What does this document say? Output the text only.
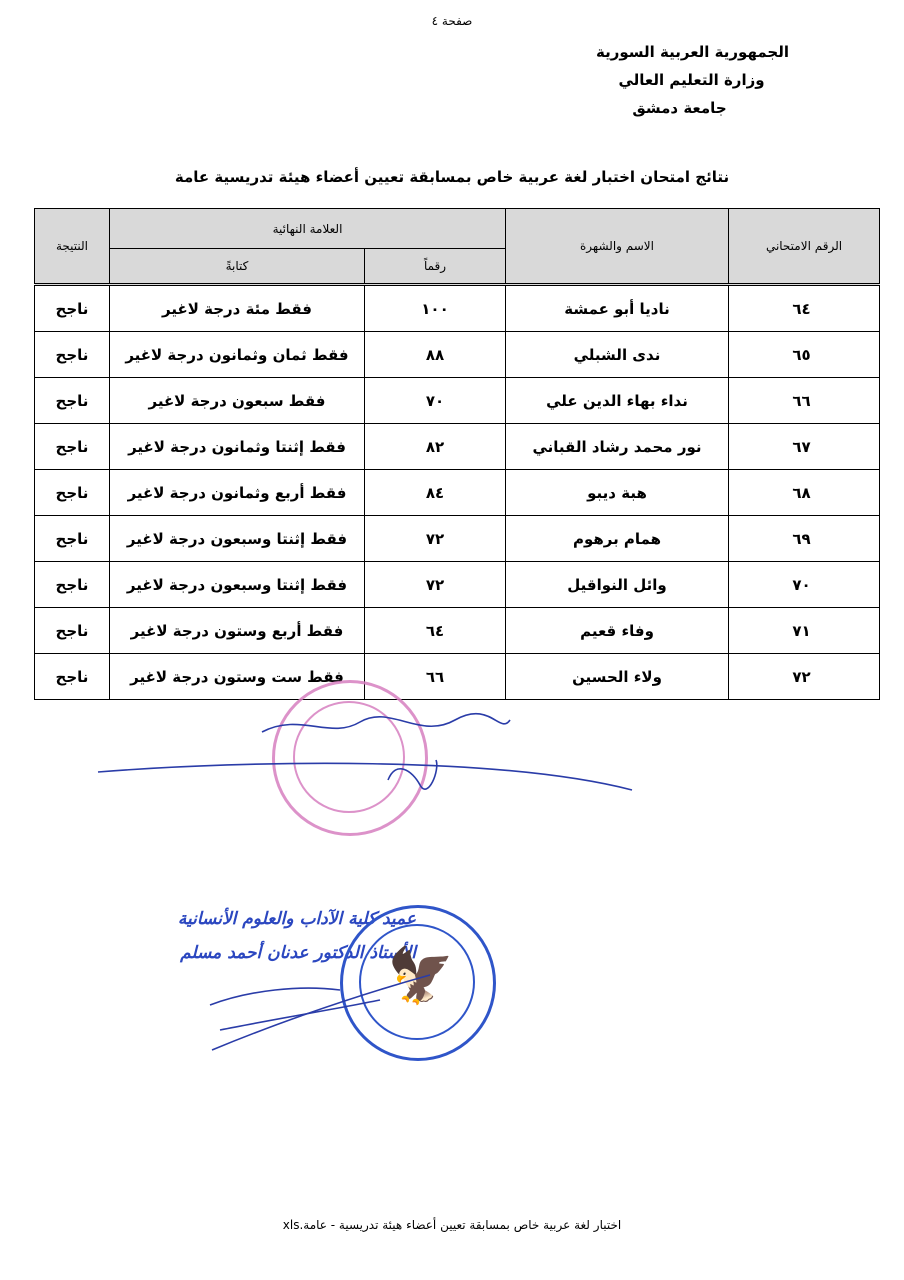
صفحة ٤
الجمهورية العربية السورية
وزارة التعليم العالي
جامعة دمشق
نتائج امتحان اختبار لغة عربية خاص بمسابقة تعيين أعضاء هيئة تدريسية عامة
الرقم الامتحاني	الاسم والشهرة	العلامة النهائية		النتيجة
		رقماً	كتابةً	
٦٤	ناديا أبو عمشة	١٠٠	فقط مئة درجة لاغير	ناجح
٦٥	ندى الشبلي	٨٨	فقط ثمان وثمانون درجة لاغير	ناجح
٦٦	نداء بهاء الدين علي	٧٠	فقط سبعون درجة لاغير	ناجح
٦٧	نور محمد رشاد القباني	٨٢	فقط إثنتا وثمانون درجة لاغير	ناجح
٦٨	هبة ديبو	٨٤	فقط أربع وثمانون درجة لاغير	ناجح
٦٩	همام برهوم	٧٢	فقط إثنتا وسبعون درجة لاغير	ناجح
٧٠	وائل النواقيل	٧٢	فقط إثنتا وسبعون درجة لاغير	ناجح
٧١	وفاء قعيم	٦٤	فقط أربع وستون درجة لاغير	ناجح
٧٢	ولاء الحسين	٦٦	فقط ست وستون درجة لاغير	ناجح
عميد كلية الآداب والعلوم الأنسانية
الأستاذ الدكتور عدنان أحمد مسلم
🦅
اختبار لغة عربية خاص بمسابقة تعيين أعضاء هيئة تدريسية - عامة.xls
